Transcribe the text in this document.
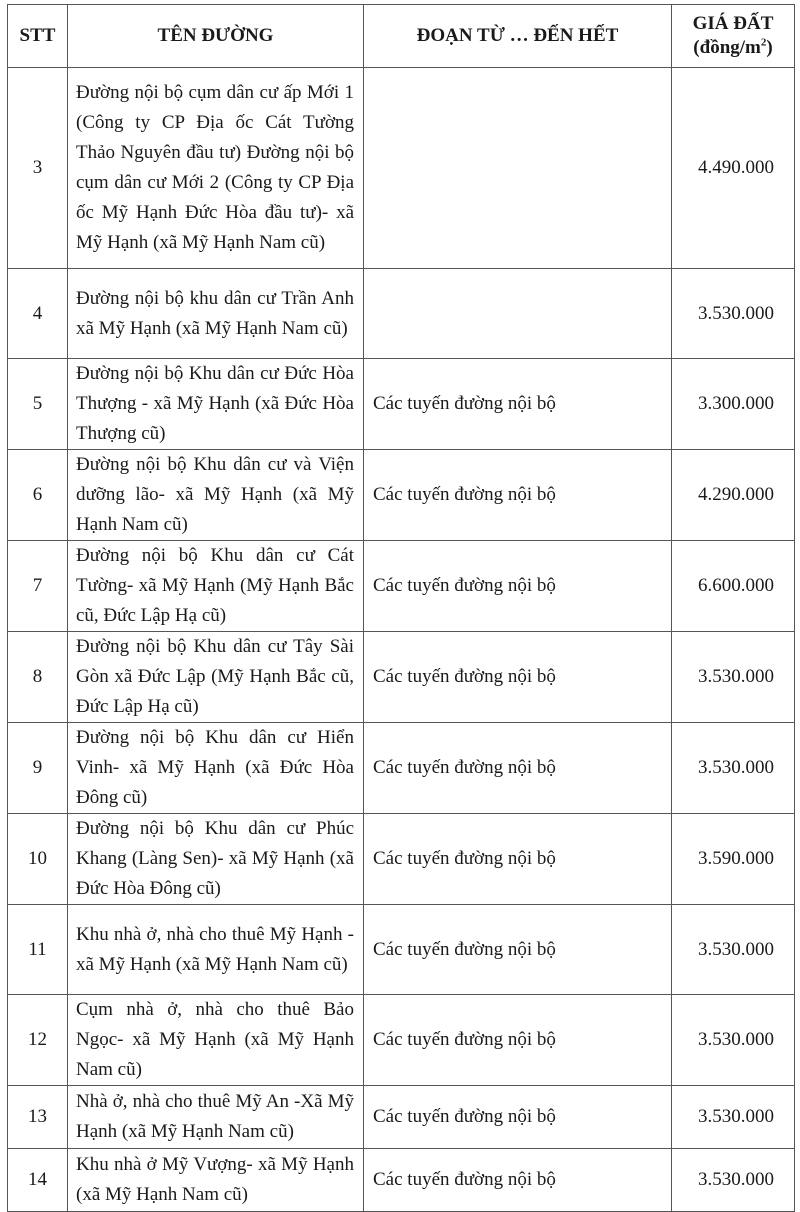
STT	TÊN ĐƯỜNG	ĐOẠN TỪ … ĐẾN HẾT	GIÁ ĐẤT
$(đồng/m^2)$
3	Đường nội bộ cụm dân cư ấp Mới 1 (Công ty CP Địa ốc Cát Tường Thảo Nguyên đầu tư) Đường nội bộ cụm dân cư Mới 2 (Công ty CP Địa ốc Mỹ Hạnh Đức Hòa đầu tư)- xã Mỹ Hạnh (xã Mỹ Hạnh Nam cũ)		4.490.000
4	Đường nội bộ khu dân cư Trần Anh xã Mỹ Hạnh (xã Mỹ Hạnh Nam cũ)		3.530.000
5	Đường nội bộ Khu dân cư Đức Hòa Thượng - xã Mỹ Hạnh (xã Đức Hòa Thượng cũ)	Các tuyến đường nội bộ	3.300.000
6	Đường nội bộ Khu dân cư và Viện dưỡng lão- xã Mỹ Hạnh (xã Mỹ Hạnh Nam cũ)	Các tuyến đường nội bộ	4.290.000
7	Đường nội bộ Khu dân cư Cát Tường- xã Mỹ Hạnh (Mỹ Hạnh Bắc cũ, Đức Lập Hạ cũ)	Các tuyến đường nội bộ	6.600.000
8	Đường nội bộ Khu dân cư Tây Sài Gòn xã Đức Lập (Mỹ Hạnh Bắc cũ, Đức Lập Hạ cũ)	Các tuyến đường nội bộ	3.530.000
9	Đường nội bộ Khu dân cư Hiển Vinh- xã Mỹ Hạnh (xã Đức Hòa Đông cũ)	Các tuyến đường nội bộ	3.530.000
10	Đường nội bộ Khu dân cư Phúc Khang (Làng Sen)- xã Mỹ Hạnh (xã Đức Hòa Đông cũ)	Các tuyến đường nội bộ	3.590.000
11	Khu nhà ở, nhà cho thuê Mỹ Hạnh - xã Mỹ Hạnh (xã Mỹ Hạnh Nam cũ)	Các tuyến đường nội bộ	3.530.000
12	Cụm nhà ở, nhà cho thuê Bảo Ngọc- xã Mỹ Hạnh (xã Mỹ Hạnh Nam cũ)	Các tuyến đường nội bộ	3.530.000
13	Nhà ở, nhà cho thuê Mỹ An -Xã Mỹ Hạnh (xã Mỹ Hạnh Nam cũ)	Các tuyến đường nội bộ	3.530.000
14	Khu nhà ở Mỹ Vượng- xã Mỹ Hạnh (xã Mỹ Hạnh Nam cũ)	Các tuyến đường nội bộ	3.530.000
